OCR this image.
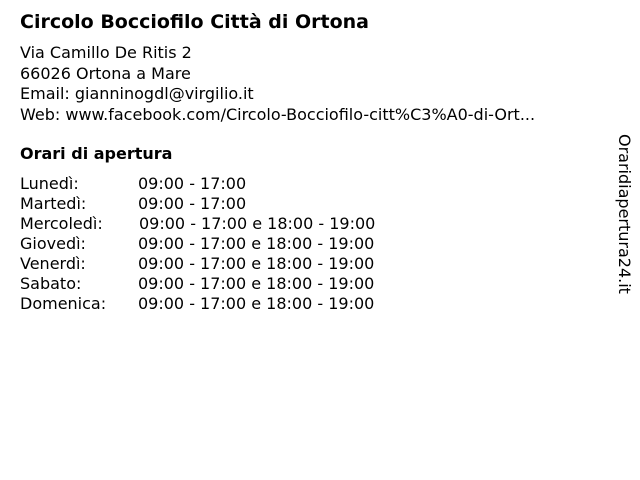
Circolo Bocciofilo Città di Ortona
Via Camillo De Ritis 2
66026 Ortona a Mare
Email: gianninogdl@virgilio.it
Web: www.facebook.com/Circolo-Bocciofilo-citt%C3%A0-di-Ort...
Orari di apertura
Lunedì:	09:00 - 17:00
Martedì:	09:00 - 17:00
Mercoledì: 09:00 - 17:00 e 18:00 - 19:00
Giovedì:	09:00 - 17:00 e 18:00 - 19:00
Venerdì:	09:00 - 17:00 e 18:00 - 19:00
Sabato:	09:00 - 17:00 e 18:00 - 19:00
Domenica: 09:00 - 17:00 e 18:00 - 19:00
Oraridiapertura24.it
